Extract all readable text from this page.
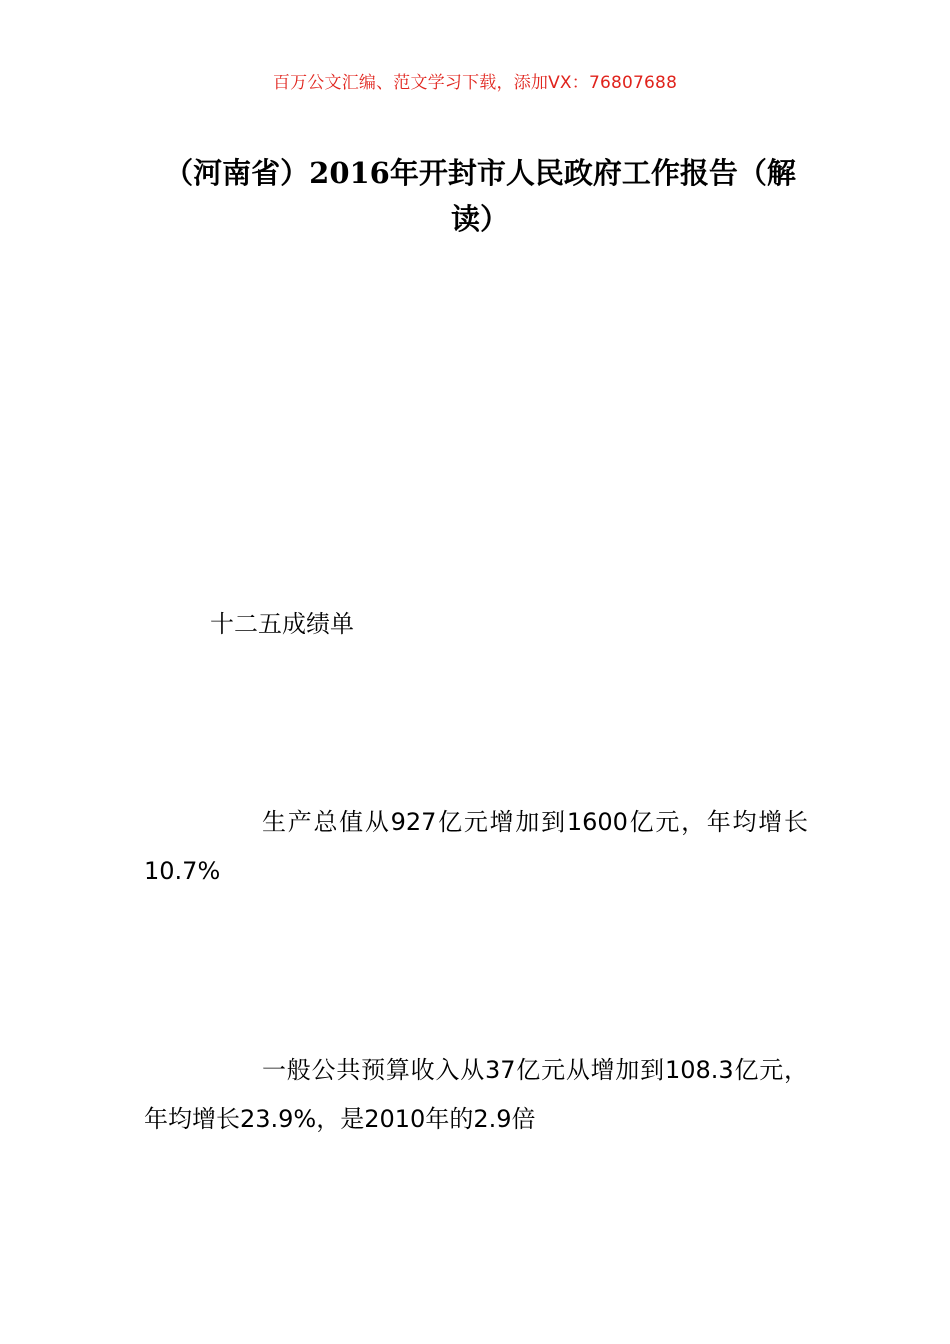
百万公文汇编、范文学习下载，添加VX：76807688
（河南省）2016年开封市人民政府工作报告（解读）
十二五成绩单

生产总值从927亿元增加到1600亿元，年均增长10.7%

一般公共预算收入从37亿元从增加到108.3亿元，年均增长23.9%，是2010年的2.9倍
